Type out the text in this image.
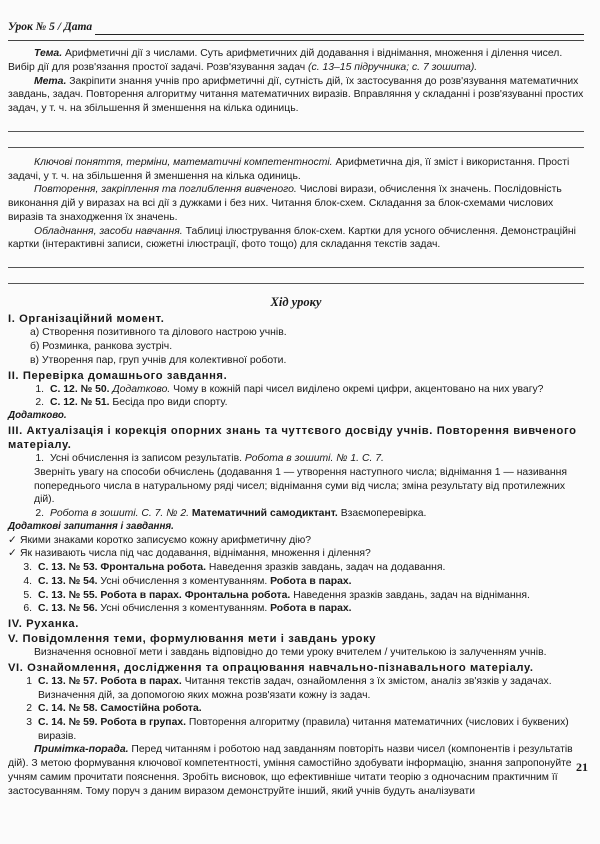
Урок № 5 / Дата

Тема. Арифметичні дії з числами. Суть арифметичних дій додавання і віднімання, множення і ділення чисел. Вибір дії для розв'язання простої задачі. Розв'язування задач (с. 13–15 підручника; с. 7 зошита).

Мета. Закріпити знання учнів про арифметичні дії, сутність дій, їх застосування до розв'язування математичних завдань, задач. Повторення алгоритму читання математичних виразів. Вправляння у складанні і розв'язуванні простих задач, у т. ч. на збільшення й зменшення на кілька одиниць.

Ключові поняття, терміни, математичні компетентності. Арифметична дія, її зміст і використання. Прості задачі, у т. ч. на збільшення й зменшення на кілька одиниць.

Повторення, закріплення та поглиблення вивченого. Числові вирази, обчислення їх значень. Послідовність виконання дій у виразах на всі дії з дужками і без них. Читання блок-схем. Складання за блок-схемами числових виразів та знаходження їх значень.

Обладнання, засоби навчання. Таблиці ілюстрування блок-схем. Картки для усного обчислення. Демонстраційні картки (інтерактивні записи, сюжетні ілюстрації, фото тощо) для складання текстів задач.

Хід уроку
І. Організаційний момент.

а) Створення позитивного та ділового настрою учнів.

б) Розминка, ранкова зустріч.

в) Утворення пар, груп учнів для колективної роботи.

ІІ. Перевірка домашнього завдання.
1. С. 12. № 50. Додатково. Чому в кожній парі чисел виділено окремі цифри, акцентовано на них увагу?
2. С. 12. № 51. Бесіда про види спорту.

Додатково.

ІІІ. Актуалізація і корекція опорних знань та чуттєвого досвіду учнів. Повторення вивченого матеріалу.
1. Усні обчислення із записом результатів. Робота в зошиті. № 1. С. 7.

Зверніть увагу на способи обчислень (додавання 1 — утворення наступного числа; віднімання 1 — називання попереднього числа в натуральному ряді чисел; віднімання суми від числа; зміна результату від протилежних дій).

2. Робота в зошиті. С. 7. № 2. Математичний самодиктант. Взаємоперевірка.

Додаткові запитання і завдання.

✓ Якими знаками коротко записуємо кожну арифметичну дію?
✓ Як називають числа під час додавання, віднімання, множення і ділення?
3. С. 13. № 53. Фронтальна робота. Наведення зразків завдань, задач на додавання.
4. С. 13. № 54. Усні обчислення з коментуванням. Робота в парах.
5. С. 13. № 55. Робота в парах. Фронтальна робота. Наведення зразків завдань, задач на віднімання.
6. С. 13. № 56. Усні обчислення з коментуванням. Робота в парах.
IV. Руханка.
V. Повідомлення теми, формулювання мети і завдань уроку

Визначення основної мети і завдань відповідно до теми уроку вчителем / учителькою із залученням учнів.

VІ. Ознайомлення, дослідження та опрацювання навчально-пізнавального матеріалу.
1 С. 13. № 57. Робота в парах. Читання текстів задач, ознайомлення з їх змістом, аналіз зв'язків у задачах. Визначення дій, за допомогою яких можна розв'язати кожну із задач.
2 С. 14. № 58. Самостійна робота.
3 С. 14. № 59. Робота в групах. Повторення алгоритму (правила) читання математичних (числових і буквених) виразів.

Примітка-порада. Перед читанням і роботою над завданням повторіть назви чисел (компонентів і результатів дій). З метою формування ключової компетентності, уміння самостійно здобувати інформацію, знання запропонуйте учням самим прочитати пояснення. Зробіть висновок, що ефективніше читати теорію з одночасним практичним її застосуванням. Тому поруч з даним виразом демонструйте інший, який учнів будуть аналізувати

21
